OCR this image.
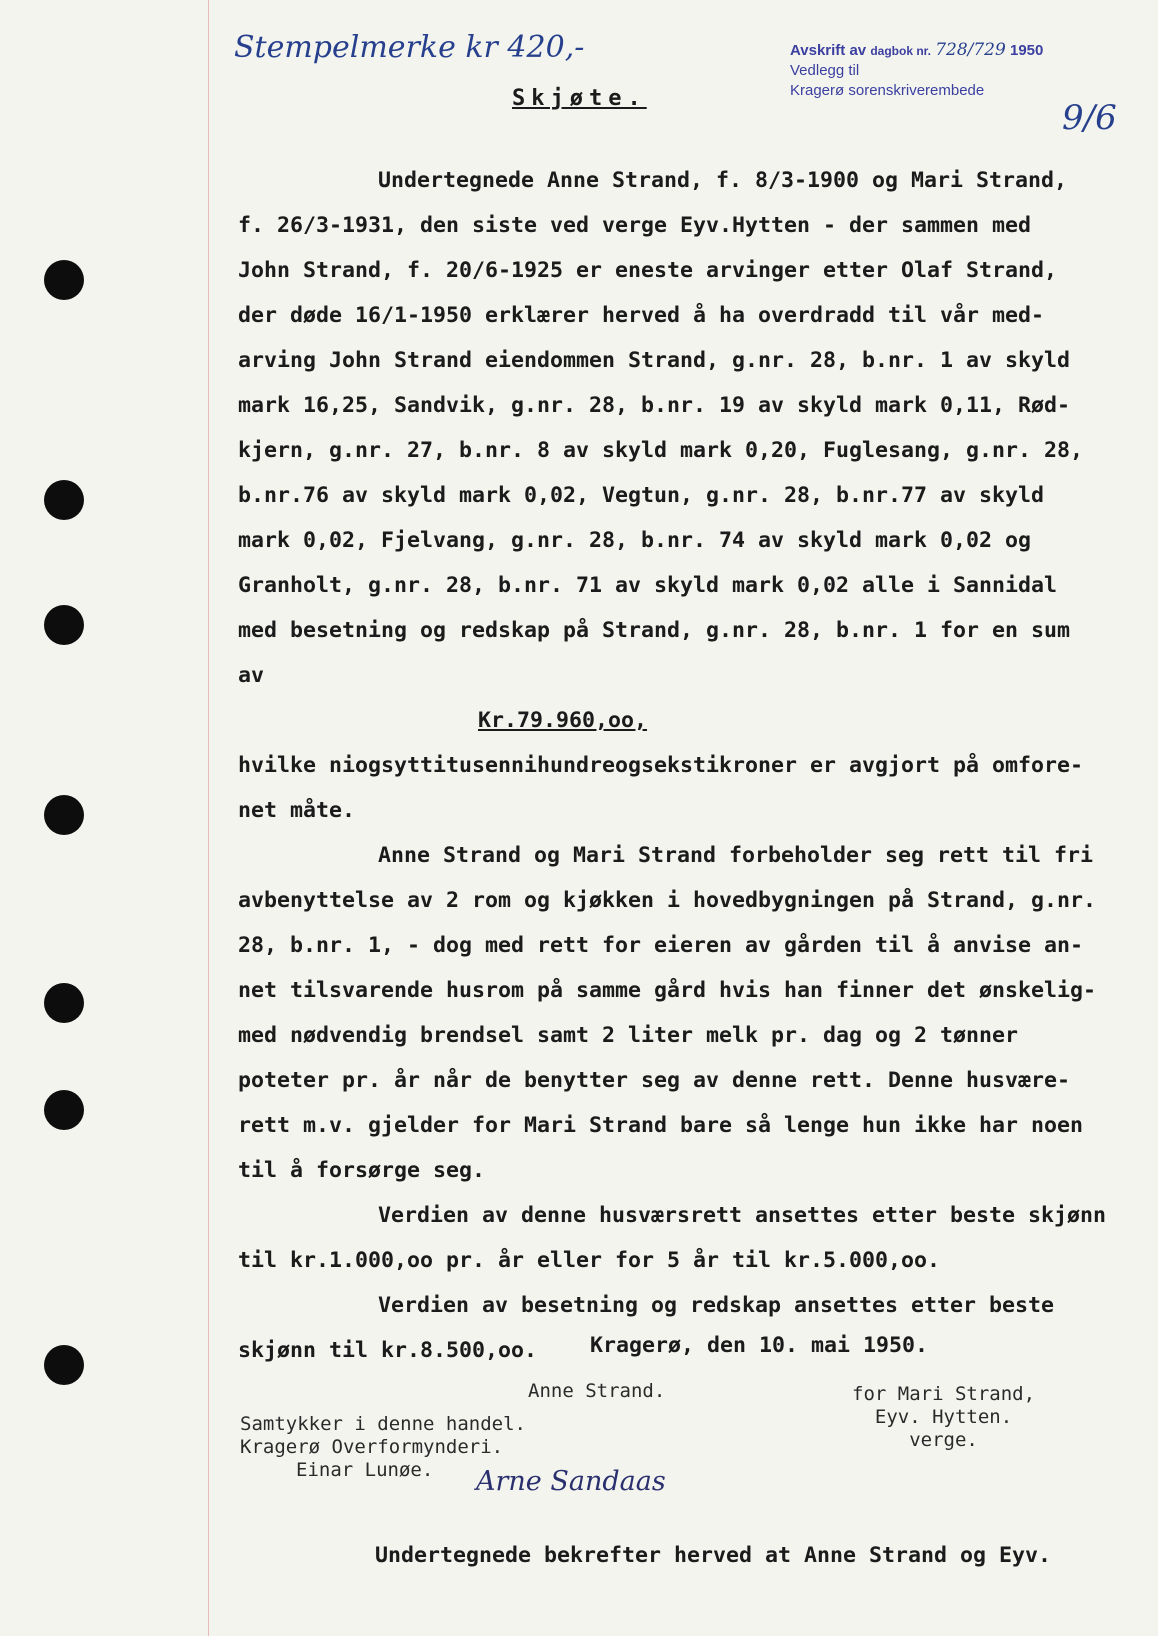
Stempelmerke kr 420,-	Avskrift av dagbok nr. 728/729 1950
Vedlegg til
Kragerø sorenskriverembede
9/6
Skjøte.
Undertegnede Anne Strand, f. 8/3-1900 og Mari Strand,
f. 26/3-1931, den siste ved verge Eyv.Hytten - der sammen med
John Strand, f. 20/6-1925 er eneste arvinger etter Olaf Strand,
der døde 16/1-1950 erklærer herved å ha overdradd til vår med-
arving John Strand eiendommen Strand, g.nr. 28, b.nr. 1 av skyld
mark 16,25, Sandvik, g.nr. 28, b.nr. 19 av skyld mark 0,11, Rød-
kjern, g.nr. 27, b.nr. 8 av skyld mark 0,20, Fuglesang, g.nr. 28,
b.nr.76 av skyld mark 0,02, Vegtun, g.nr. 28, b.nr.77 av skyld
mark 0,02, Fjelvang, g.nr. 28, b.nr. 74 av skyld mark 0,02 og
Granholt, g.nr. 28, b.nr. 71 av skyld mark 0,02 alle i Sannidal
med besetning og redskap på Strand, g.nr. 28, b.nr. 1 for en sum
av
Kr.79.960,oo,
hvilke niogsyttitusennihundreogsekstikroner er avgjort på omfore-
net måte.
Anne Strand og Mari Strand forbeholder seg rett til fri
avbenyttelse av 2 rom og kjøkken i hovedbygningen på Strand, g.nr.
28, b.nr. 1, - dog med rett for eieren av gården til å anvise an-
net tilsvarende husrom på samme gård hvis han finner det ønskelig-
med nødvendig brendsel samt 2 liter melk pr. dag og 2 tønner
poteter pr. år når de benytter seg av denne rett. Denne husvære-
rett m.v. gjelder for Mari Strand bare så lenge hun ikke har noen
til å forsørge seg.
Verdien av denne husværsrett ansettes etter beste skjønn
til kr.1.000,oo pr. år eller for 5 år til kr.5.000,oo.
Verdien av besetning og redskap ansettes etter beste
skjønn til kr.8.500,oo.	Kragerø, den 10. mai 1950.
Anne Strand.	for Mari Strand,
Eyv. Hytten.
verge.
Samtykker i denne handel.
Kragerø Overformynderi.
Einar Lunøe.	Arne Sandaas
Undertegnede bekrefter herved at Anne Strand og Eyv.
